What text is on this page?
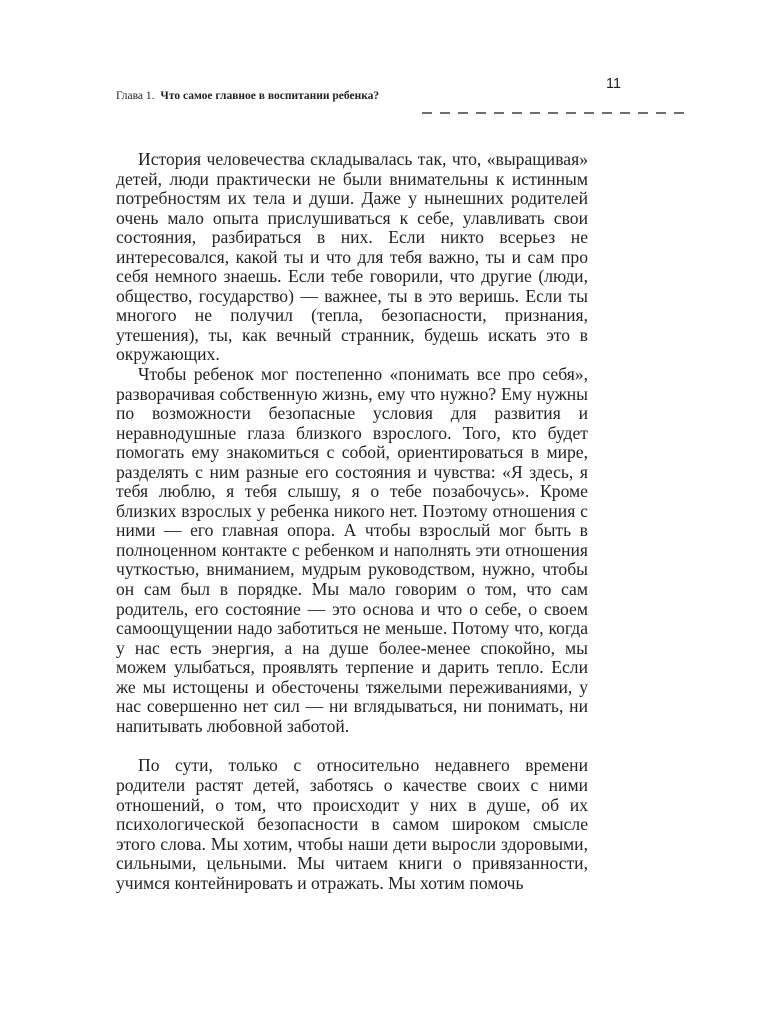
Глава 1. Что самое главное в воспитании ребенка?
11

История человечества складывалась так, что, «выращивая» детей, люди практически не были внимательны к истинным потребностям их тела и души. Даже у нынешних родителей очень мало опыта прислушиваться к себе, улавливать свои состояния, разбираться в них. Если никто всерьез не интересовался, какой ты и что для тебя важно, ты и сам про себя немного знаешь. Если тебе говорили, что другие (люди, общество, государство) — важнее, ты в это веришь. Если ты многого не получил (тепла, безопасности, признания, утешения), ты, как вечный странник, будешь искать это в окружающих.

Чтобы ребенок мог постепенно «понимать все про себя», разворачивая собственную жизнь, ему что нужно? Ему нужны по возможности безопасные условия для развития и неравнодушные глаза близкого взрослого. Того, кто будет помогать ему знакомиться с собой, ориентироваться в мире, разделять с ним разные его состояния и чувства: «Я здесь, я тебя люблю, я тебя слышу, я о тебе позабочусь». Кроме близких взрослых у ребенка никого нет. Поэтому отношения с ними — его главная опора. А чтобы взрослый мог быть в полноценном контакте с ребенком и наполнять эти отношения чуткостью, вниманием, мудрым руководством, нужно, чтобы он сам был в порядке. Мы мало говорим о том, что сам родитель, его состояние — это основа и что о себе, о своем самоощущении надо заботиться не меньше. Потому что, когда у нас есть энергия, а на душе более-менее спокойно, мы можем улыбаться, проявлять терпение и дарить тепло. Если же мы истощены и обесточены тяжелыми переживаниями, у нас совершенно нет сил — ни вглядываться, ни понимать, ни напитывать любовной заботой.

По сути, только с относительно недавнего времени родители растят детей, заботясь о качестве своих с ними отношений, о том, что происходит у них в душе, об их психологической безопасности в самом широком смысле этого слова. Мы хотим, чтобы наши дети выросли здоровыми, сильными, цельными. Мы читаем книги о привязанности, учимся контейнировать и отражать. Мы хотим помочь
